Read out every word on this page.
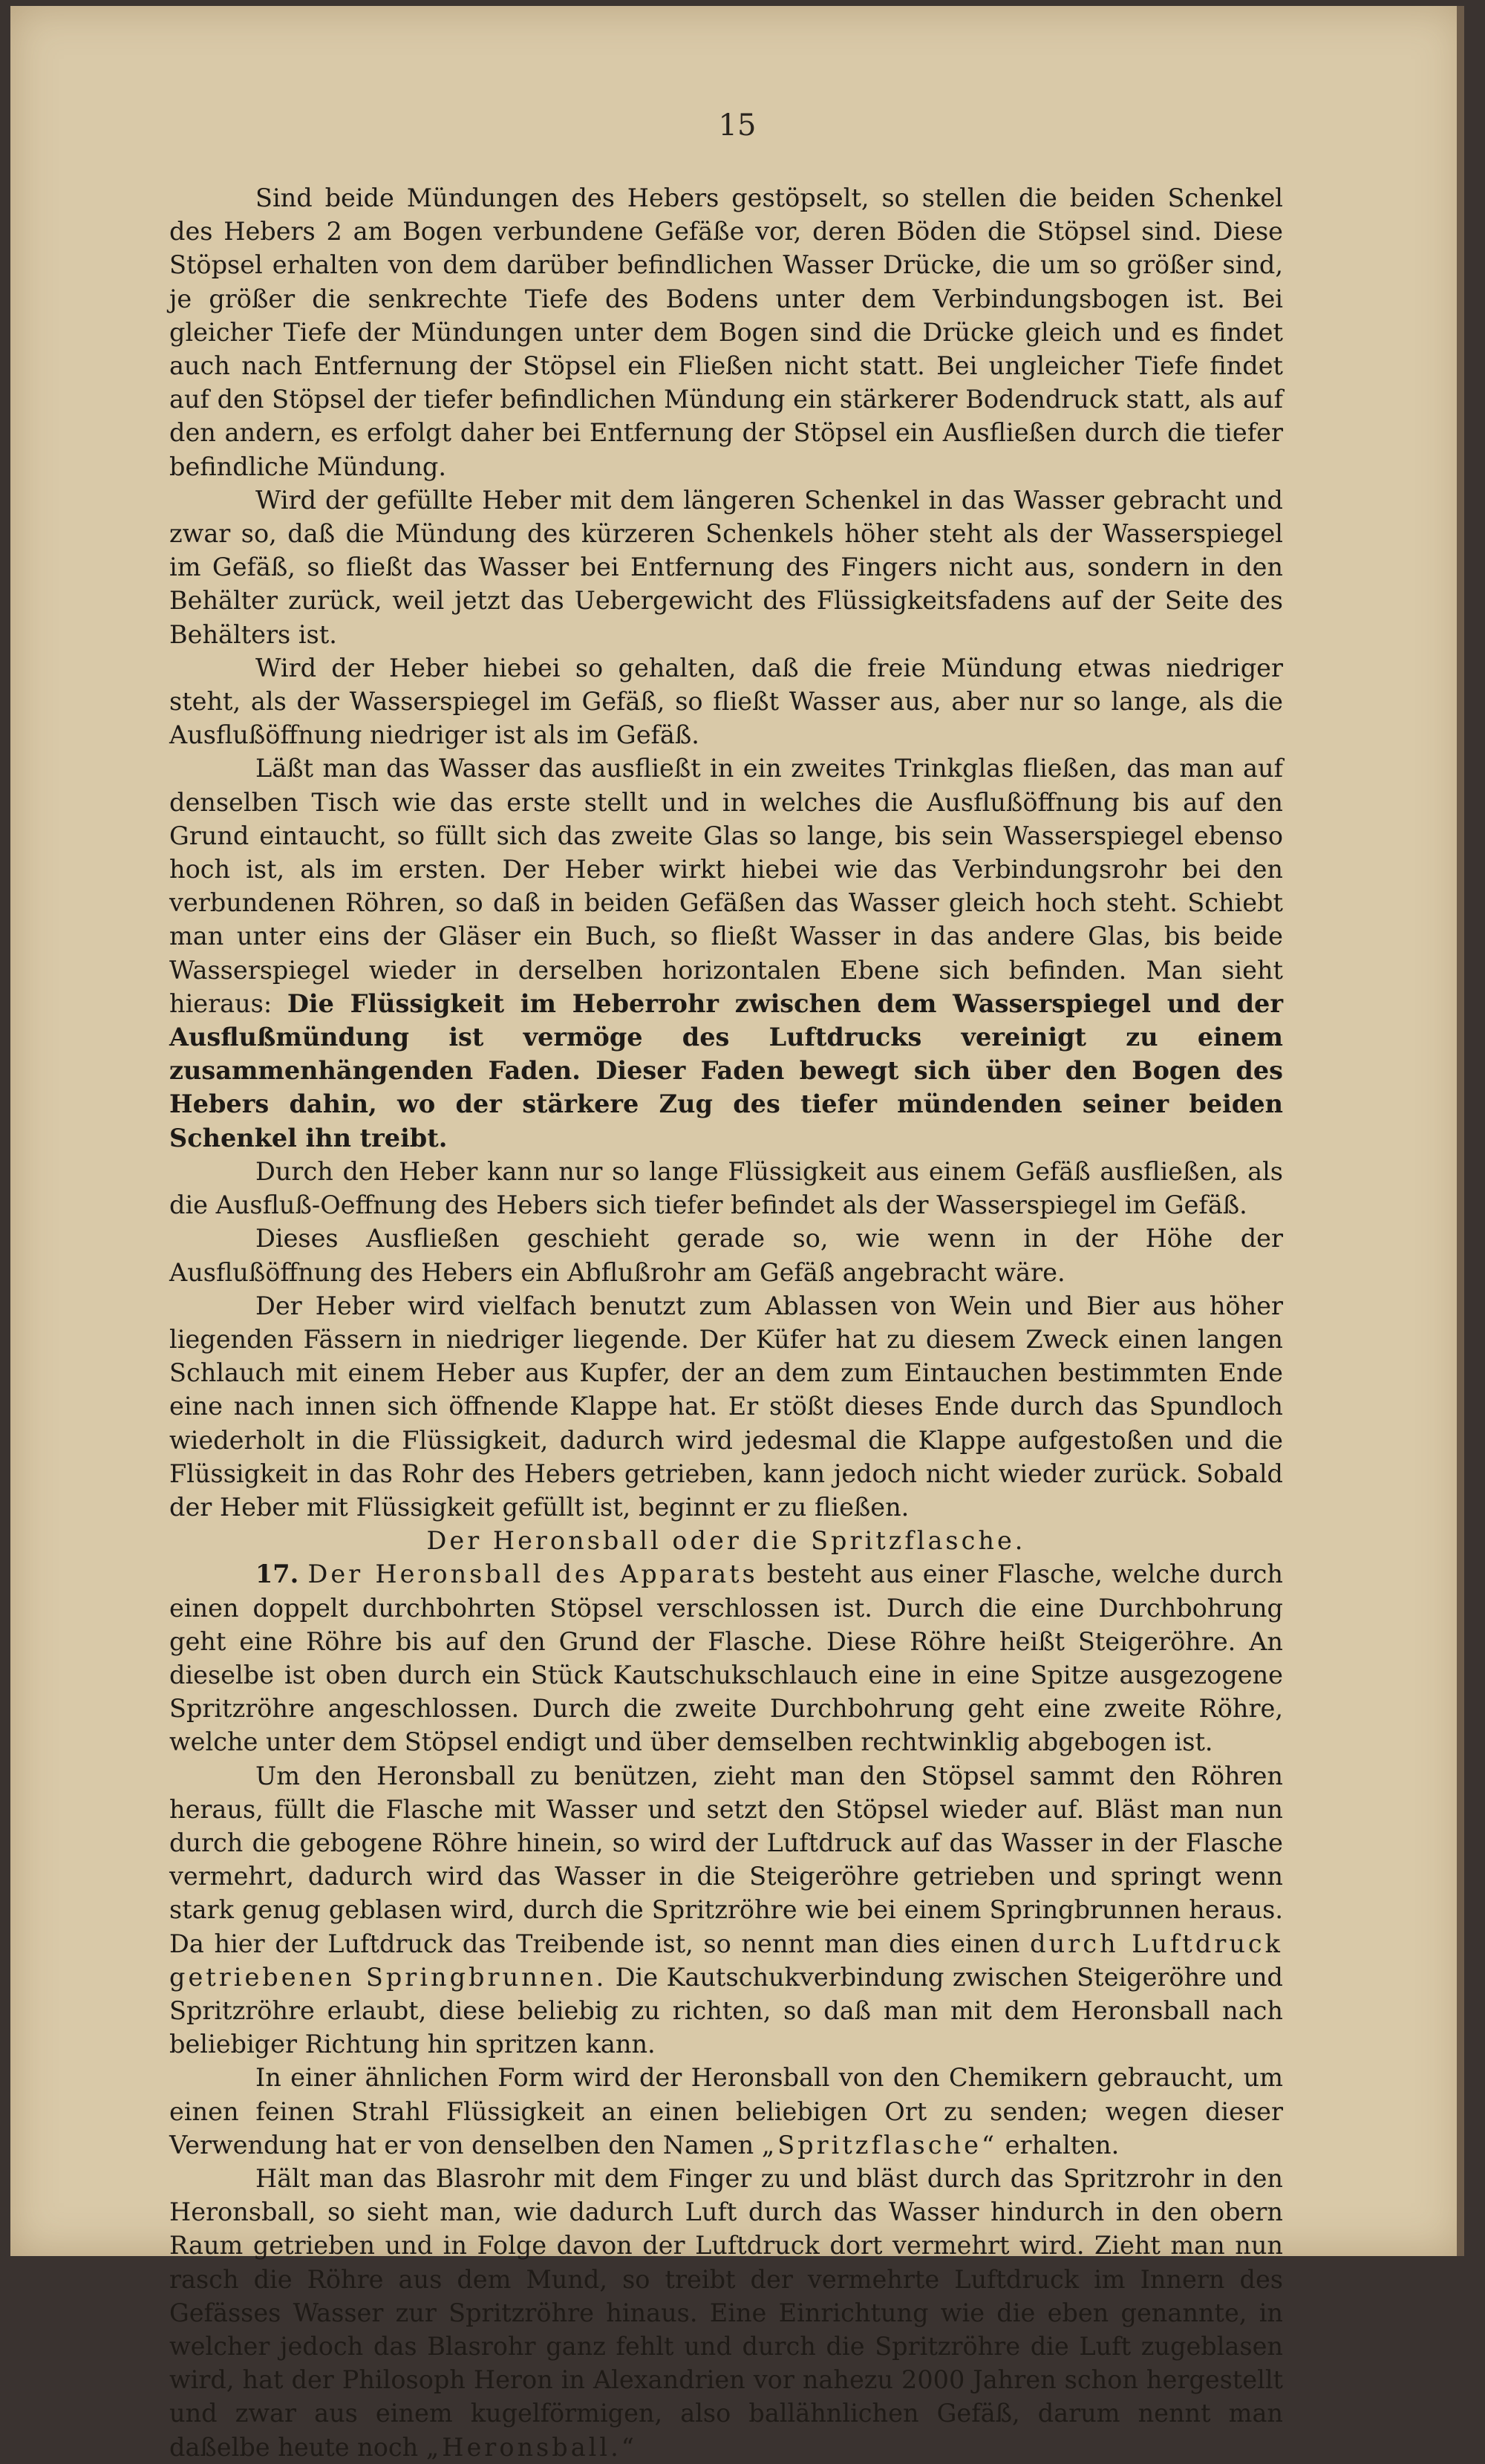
15

Sind beide Mündungen des Hebers gestöpselt, so stellen die beiden Schenkel des Hebers 2 am Bogen verbundene Gefäße vor, deren Böden die Stöpsel sind. Diese Stöpsel erhalten von dem darüber befindlichen Wasser Drücke, die um so größer sind, je größer die senkrechte Tiefe des Bodens unter dem Verbindungsbogen ist. Bei gleicher Tiefe der Mündungen unter dem Bogen sind die Drücke gleich und es findet auch nach Entfernung der Stöpsel ein Fließen nicht statt. Bei ungleicher Tiefe findet auf den Stöpsel der tiefer befindlichen Mündung ein stärkerer Bodendruck statt, als auf den andern, es erfolgt daher bei Entfernung der Stöpsel ein Ausfließen durch die tiefer befindliche Mündung.

Wird der gefüllte Heber mit dem längeren Schenkel in das Wasser gebracht und zwar so, daß die Mündung des kürzeren Schenkels höher steht als der Wasserspiegel im Gefäß, so fließt das Wasser bei Entfernung des Fingers nicht aus, sondern in den Behälter zurück, weil jetzt das Uebergewicht des Flüssigkeitsfadens auf der Seite des Behälters ist.

Wird der Heber hiebei so gehalten, daß die freie Mündung etwas niedriger steht, als der Wasserspiegel im Gefäß, so fließt Wasser aus, aber nur so lange, als die Ausflußöffnung niedriger ist als im Gefäß.

Läßt man das Wasser das ausfließt in ein zweites Trinkglas fließen, das man auf denselben Tisch wie das erste stellt und in welches die Ausflußöffnung bis auf den Grund eintaucht, so füllt sich das zweite Glas so lange, bis sein Wasserspiegel ebenso hoch ist, als im ersten. Der Heber wirkt hiebei wie das Verbindungsrohr bei den verbundenen Röhren, so daß in beiden Gefäßen das Wasser gleich hoch steht. Schiebt man unter eins der Gläser ein Buch, so fließt Wasser in das andere Glas, bis beide Wasserspiegel wieder in derselben horizontalen Ebene sich befinden. Man sieht hieraus: Die Flüssigkeit im Heberrohr zwischen dem Wasserspiegel und der Ausflußmündung ist vermöge des Luftdrucks vereinigt zu einem zusammenhängenden Faden. Dieser Faden bewegt sich über den Bogen des Hebers dahin, wo der stärkere Zug des tiefer mündenden seiner beiden Schenkel ihn treibt.

Durch den Heber kann nur so lange Flüssigkeit aus einem Gefäß ausfließen, als die Ausfluß-Oeffnung des Hebers sich tiefer befindet als der Wasserspiegel im Gefäß.

Dieses Ausfließen geschieht gerade so, wie wenn in der Höhe der Ausflußöffnung des Hebers ein Abflußrohr am Gefäß angebracht wäre.

Der Heber wird vielfach benutzt zum Ablassen von Wein und Bier aus höher liegenden Fässern in niedriger liegende. Der Küfer hat zu diesem Zweck einen langen Schlauch mit einem Heber aus Kupfer, der an dem zum Eintauchen bestimmten Ende eine nach innen sich öffnende Klappe hat. Er stößt dieses Ende durch das Spundloch wiederholt in die Flüssigkeit, dadurch wird jedesmal die Klappe aufgestoßen und die Flüssigkeit in das Rohr des Hebers getrieben, kann jedoch nicht wieder zurück. Sobald der Heber mit Flüssigkeit gefüllt ist, beginnt er zu fließen.

Der Heronsball oder die Spritzflasche.

17. Der Heronsball des Apparats besteht aus einer Flasche, welche durch einen doppelt durchbohrten Stöpsel verschlossen ist. Durch die eine Durchbohrung geht eine Röhre bis auf den Grund der Flasche. Diese Röhre heißt Steigeröhre. An dieselbe ist oben durch ein Stück Kautschukschlauch eine in eine Spitze ausgezogene Spritzröhre angeschlossen. Durch die zweite Durchbohrung geht eine zweite Röhre, welche unter dem Stöpsel endigt und über demselben rechtwinklig abgebogen ist.

Um den Heronsball zu benützen, zieht man den Stöpsel sammt den Röhren heraus, füllt die Flasche mit Wasser und setzt den Stöpsel wieder auf. Bläst man nun durch die gebogene Röhre hinein, so wird der Luftdruck auf das Wasser in der Flasche vermehrt, dadurch wird das Wasser in die Steigeröhre getrieben und springt wenn stark genug geblasen wird, durch die Spritzröhre wie bei einem Springbrunnen heraus. Da hier der Luftdruck das Treibende ist, so nennt man dies einen durch Luftdruck getriebenen Springbrunnen. Die Kautschukverbindung zwischen Steigeröhre und Spritzröhre erlaubt, diese beliebig zu richten, so daß man mit dem Heronsball nach beliebiger Richtung hin spritzen kann.

In einer ähnlichen Form wird der Heronsball von den Chemikern gebraucht, um einen feinen Strahl Flüssigkeit an einen beliebigen Ort zu senden; wegen dieser Verwendung hat er von denselben den Namen „Spritzflasche“ erhalten.

Hält man das Blasrohr mit dem Finger zu und bläst durch das Spritzrohr in den Heronsball, so sieht man, wie dadurch Luft durch das Wasser hindurch in den obern Raum getrieben und in Folge davon der Luftdruck dort vermehrt wird. Zieht man nun rasch die Röhre aus dem Mund, so treibt der vermehrte Luftdruck im Innern des Gefässes Wasser zur Spritzröhre hinaus. Eine Einrichtung wie die eben genannte, in welcher jedoch das Blasrohr ganz fehlt und durch die Spritzröhre die Luft zugeblasen wird, hat der Philosoph Heron in Alexandrien vor nahezu 2000 Jahren schon hergestellt und zwar aus einem kugelförmigen, also ballähnlichen Gefäß, darum nennt man daßelbe heute noch „Heronsball.“
